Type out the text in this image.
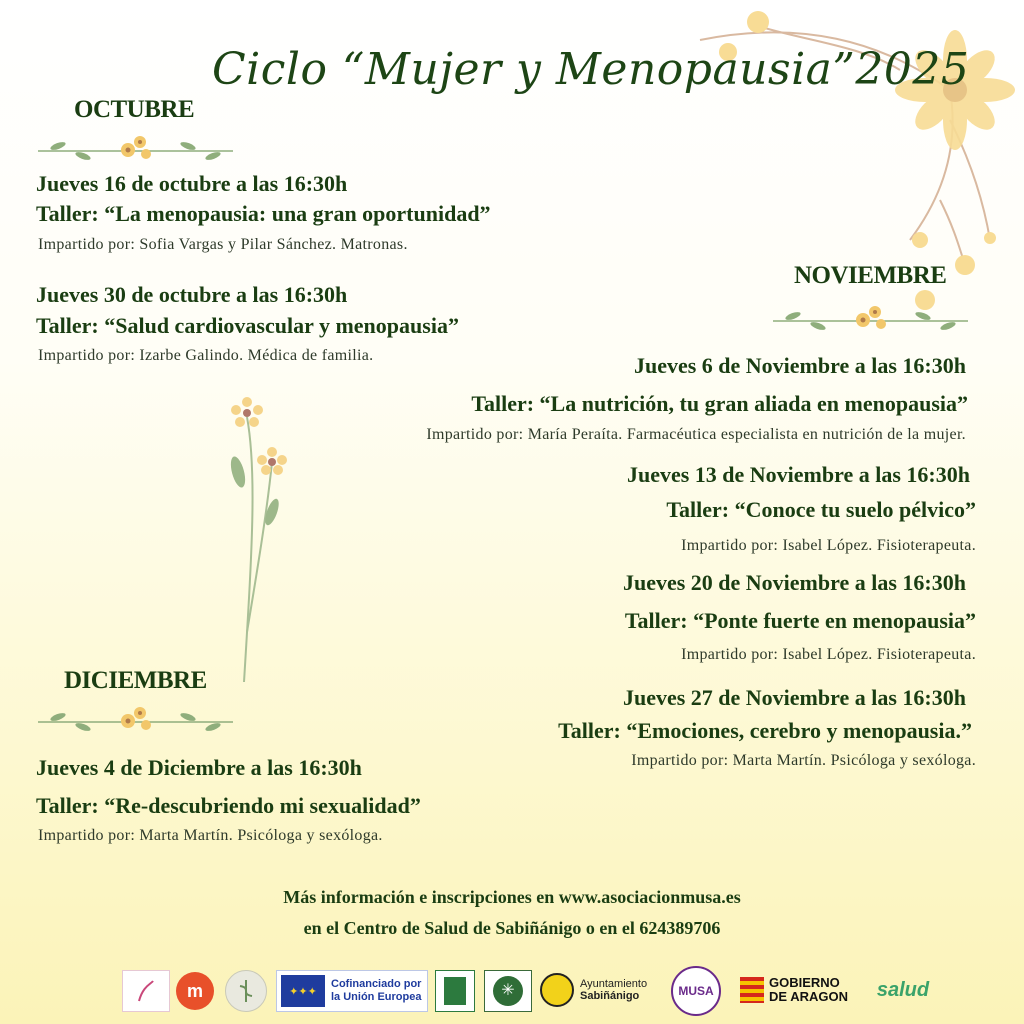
Ciclo “Mujer y Menopausia”2025
OCTUBRE
Jueves 16 de octubre a las 16:30h
Taller: “La menopausia: una gran oportunidad”
Impartido por: Sofia Vargas y Pilar Sánchez. Matronas.
Jueves 30 de octubre a las 16:30h
Taller: “Salud cardiovascular y menopausia”
Impartido por: Izarbe Galindo. Médica de familia.
NOVIEMBRE
Jueves 6 de Noviembre a las 16:30h
Taller: “La nutrición, tu gran aliada en menopausia”
Impartido por: María Peraíta. Farmacéutica especialista en nutrición de la mujer.
Jueves 13 de Noviembre a las 16:30h
Taller: “Conoce tu suelo pélvico”
Impartido por: Isabel López. Fisioterapeuta.
Jueves 20 de Noviembre a las 16:30h
Taller: “Ponte fuerte en menopausia”
Impartido por: Isabel López. Fisioterapeuta.
Jueves 27 de Noviembre a las 16:30h
Taller: “Emociones, cerebro y menopausia.”
Impartido por: Marta Martín. Psicóloga y sexóloga.
DICIEMBRE
Jueves 4 de Diciembre a las 16:30h
Taller: “Re-descubriendo mi sexualidad”
Impartido por: Marta Martín. Psicóloga y sexóloga.
Más información e inscripciones en www.asociacionmusa.es
en el Centro de Salud de Sabiñánigo o en el 624389706
m	✦✦✦
Cofinanciado por la Unión Europea	✳	Ayuntamiento
Sabiñánigo	MUSA
GOBIERNO
DE ARAGON salud
